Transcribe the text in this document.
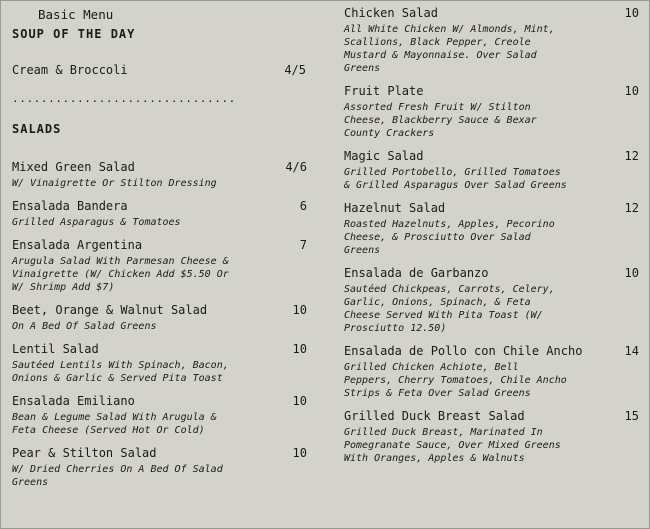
Basic Menu
SOUP OF THE DAY
Cream & Broccoli	4/5
...............................
SALADS
Mixed Green Salad	4/6
W/ Vinaigrette Or Stilton Dressing
Ensalada Bandera	6
Grilled Asparagus & Tomatoes
Ensalada Argentina	7
Arugula Salad With Parmesan Cheese &
Vinaigrette (W/ Chicken Add $5.50 Or
W/ Shrimp Add $7)
Beet, Orange & Walnut Salad	10
On A Bed Of Salad Greens
Lentil Salad	10
Sautéed Lentils With Spinach, Bacon,
Onions & Garlic & Served Pita Toast
Ensalada Emiliano	10
Bean & Legume Salad With Arugula &
Feta Cheese (Served Hot Or Cold)
Pear & Stilton Salad	10
W/ Dried Cherries On A Bed Of Salad
Greens
Chicken Salad	10
All White Chicken W/ Almonds, Mint,
Scallions, Black Pepper, Creole
Mustard & Mayonnaise. Over Salad
Greens
Fruit Plate	10
Assorted Fresh Fruit W/ Stilton
Cheese, Blackberry Sauce & Bexar
County Crackers
Magic Salad	12
Grilled Portobello, Grilled Tomatoes
& Grilled Asparagus Over Salad Greens
Hazelnut Salad	12
Roasted Hazelnuts, Apples, Pecorino
Cheese, & Prosciutto Over Salad
Greens
Ensalada de Garbanzo	10
Sautéed Chickpeas, Carrots, Celery,
Garlic, Onions, Spinach, & Feta
Cheese Served With Pita Toast (W/
Prosciutto 12.50)
Ensalada de Pollo con Chile Ancho	14
Grilled Chicken Achiote, Bell
Peppers, Cherry Tomatoes, Chile Ancho
Strips & Feta Over Salad Greens
Grilled Duck Breast Salad	15
Grilled Duck Breast, Marinated In
Pomegranate Sauce, Over Mixed Greens
With Oranges, Apples & Walnuts
